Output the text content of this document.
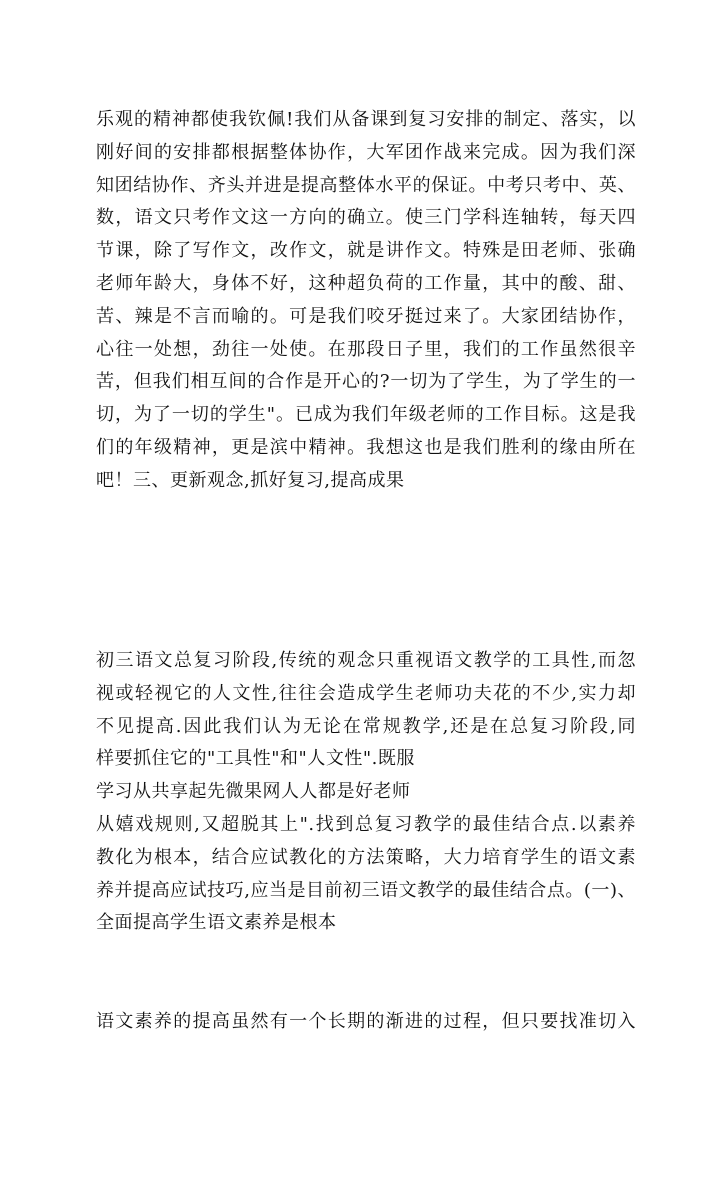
乐观的精神都使我钦佩!我们从备课到复习安排的制定、落实，以
刚好间的安排都根据整体协作，大军团作战来完成。因为我们深
知团结协作、齐头并进是提高整体水平的保证。中考只考中、英、
数，语文只考作文这一方向的确立。使三门学科连轴转，每天四
节课，除了写作文，改作文，就是讲作文。特殊是田老师、张确
老师年龄大，身体不好，这种超负荷的工作量，其中的酸、甜、
苦、辣是不言而喻的。可是我们咬牙挺过来了。大家团结协作，
心往一处想，劲往一处使。在那段日子里，我们的工作虽然很辛
苦，但我们相互间的合作是开心的?一切为了学生，为了学生的一
切，为了一切的学生"。已成为我们年级老师的工作目标。这是我
们的年级精神，更是滨中精神。我想这也是我们胜利的缘由所在
吧！三、更新观念,抓好复习,提高成果
初三语文总复习阶段,传统的观念只重视语文教学的工具性,而忽
视或轻视它的人文性,往往会造成学生老师功夫花的不少,实力却
不见提高.因此我们认为无论在常规教学,还是在总复习阶段,同
样要抓住它的"工具性"和"人文性".既服
学习从共享起先微果网人人都是好老师
从嬉戏规则,又超脱其上".找到总复习教学的最佳结合点.以素养
教化为根本，结合应试教化的方法策略，大力培育学生的语文素
养并提高应试技巧,应当是目前初三语文教学的最佳结合点。(一)、
全面提高学生语文素养是根本
语文素养的提高虽然有一个长期的渐进的过程，但只要找准切入
